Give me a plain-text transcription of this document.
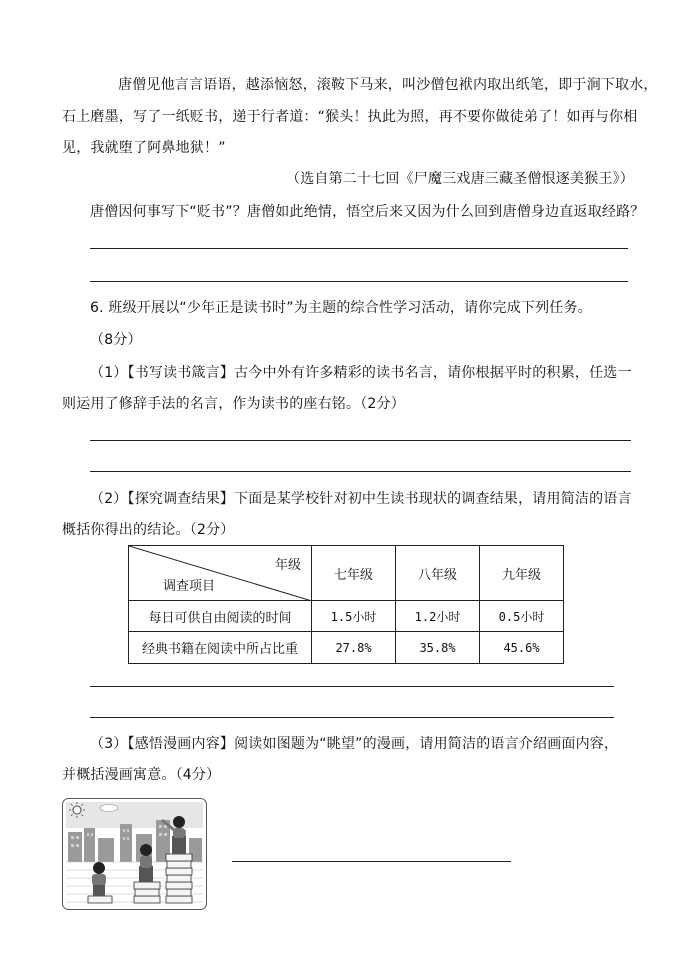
唐僧见他言言语语，越添恼怒，滚鞍下马来，叫沙僧包袱内取出纸笔，即于涧下取水，
石上磨墨，写了一纸贬书，递于行者道：“猴头！执此为照，再不要你做徒弟了！如再与你相
见，我就堕了阿鼻地狱！”
（选自第二十七回《尸魔三戏唐三藏圣僧恨逐美猴王》）
唐僧因何事写下“贬书”？唐僧如此绝情，悟空后来又因为什么回到唐僧身边直返取经路？
6. 班级开展以“少年正是读书时”为主题的综合性学习活动，请你完成下列任务。
（8分）
（1）【书写读书箴言】古今中外有许多精彩的读书名言，请你根据平时的积累，任选一
则运用了修辞手法的名言，作为读书的座右铭。（2分）
（2）【探究调查结果】下面是某学校针对初中生读书现状的调查结果，请用简洁的语言
概括你得出的结论。（2分）
年级
调查项目	七年级	八年级	九年级
每日可供自由阅读的时间	1.5小时	1.2小时	0.5小时
经典书籍在阅读中所占比重	27.8%	35.8%	45.6%
（3）【感悟漫画内容】阅读如图题为“眺望”的漫画，请用简洁的语言介绍画面内容，
并概括漫画寓意。（4分）
